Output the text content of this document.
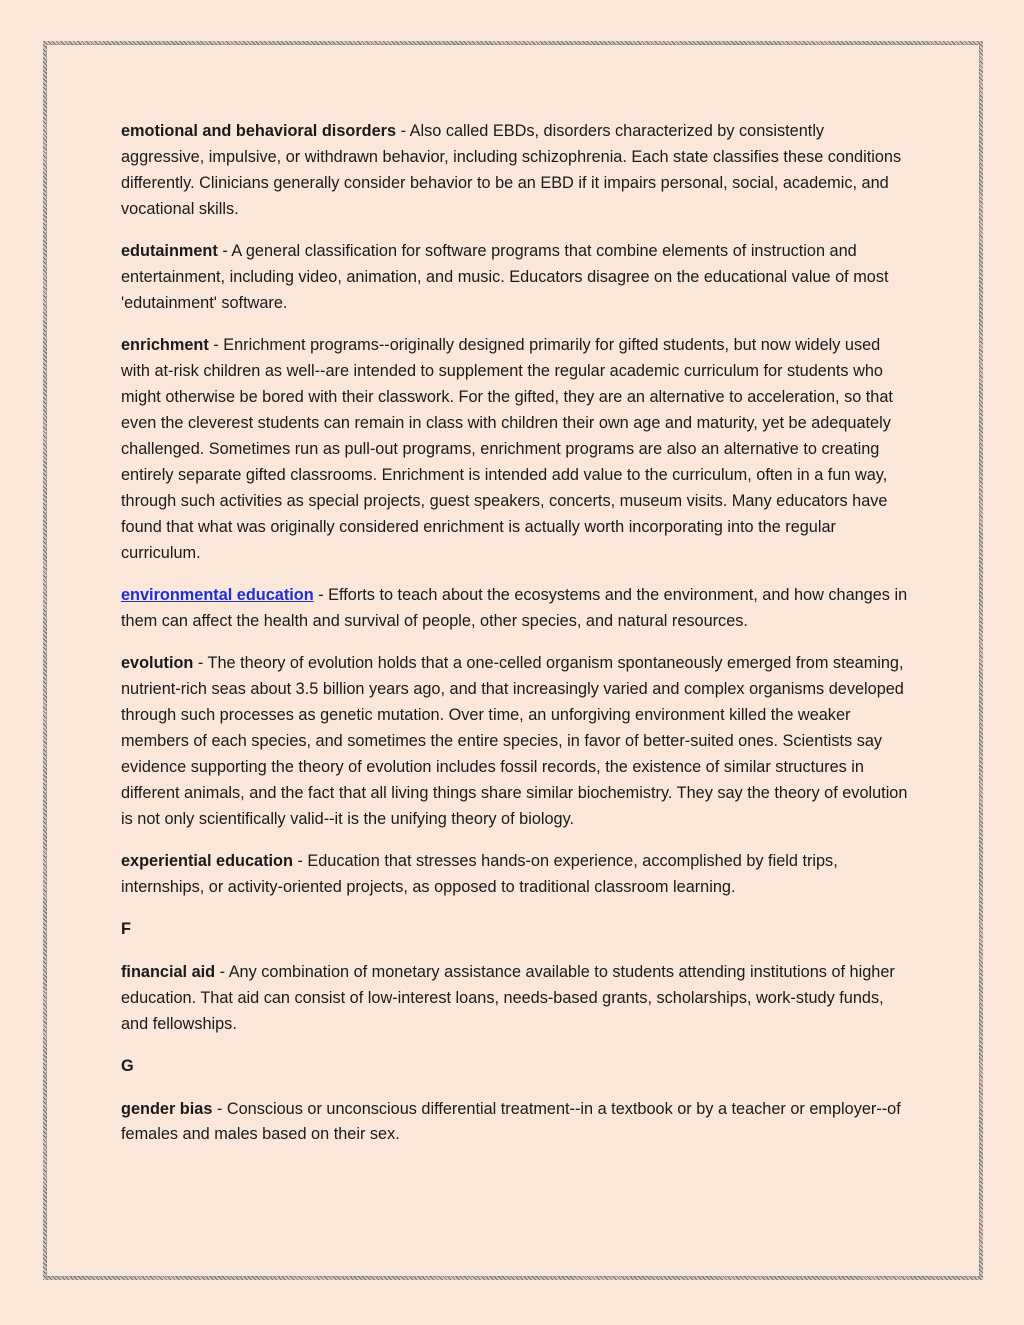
emotional and behavioral disorders - Also called EBDs, disorders characterized by consistently aggressive, impulsive, or withdrawn behavior, including schizophrenia. Each state classifies these conditions differently. Clinicians generally consider behavior to be an EBD if it impairs personal, social, academic, and vocational skills.

edutainment - A general classification for software programs that combine elements of instruction and entertainment, including video, animation, and music. Educators disagree on the educational value of most 'edutainment' software.

enrichment - Enrichment programs--originally designed primarily for gifted students, but now widely used with at-risk children as well--are intended to supplement the regular academic curriculum for students who might otherwise be bored with their classwork. For the gifted, they are an alternative to acceleration, so that even the cleverest students can remain in class with children their own age and maturity, yet be adequately challenged. Sometimes run as pull-out programs, enrichment programs are also an alternative to creating entirely separate gifted classrooms. Enrichment is intended add value to the curriculum, often in a fun way, through such activities as special projects, guest speakers, concerts, museum visits. Many educators have found that what was originally considered enrichment is actually worth incorporating into the regular curriculum.

environmental education - Efforts to teach about the ecosystems and the environment, and how changes in them can affect the health and survival of people, other species, and natural resources.

evolution - The theory of evolution holds that a one-celled organism spontaneously emerged from steaming, nutrient-rich seas about 3.5 billion years ago, and that increasingly varied and complex organisms developed through such processes as genetic mutation. Over time, an unforgiving environment killed the weaker members of each species, and sometimes the entire species, in favor of better-suited ones. Scientists say evidence supporting the theory of evolution includes fossil records, the existence of similar structures in different animals, and the fact that all living things share similar biochemistry. They say the theory of evolution is not only scientifically valid--it is the unifying theory of biology.

experiential education - Education that stresses hands-on experience, accomplished by field trips, internships, or activity-oriented projects, as opposed to traditional classroom learning.

F

financial aid - Any combination of monetary assistance available to students attending institutions of higher education. That aid can consist of low-interest loans, needs-based grants, scholarships, work-study funds, and fellowships.

G

gender bias - Conscious or unconscious differential treatment--in a textbook or by a teacher or employer--of females and males based on their sex.
